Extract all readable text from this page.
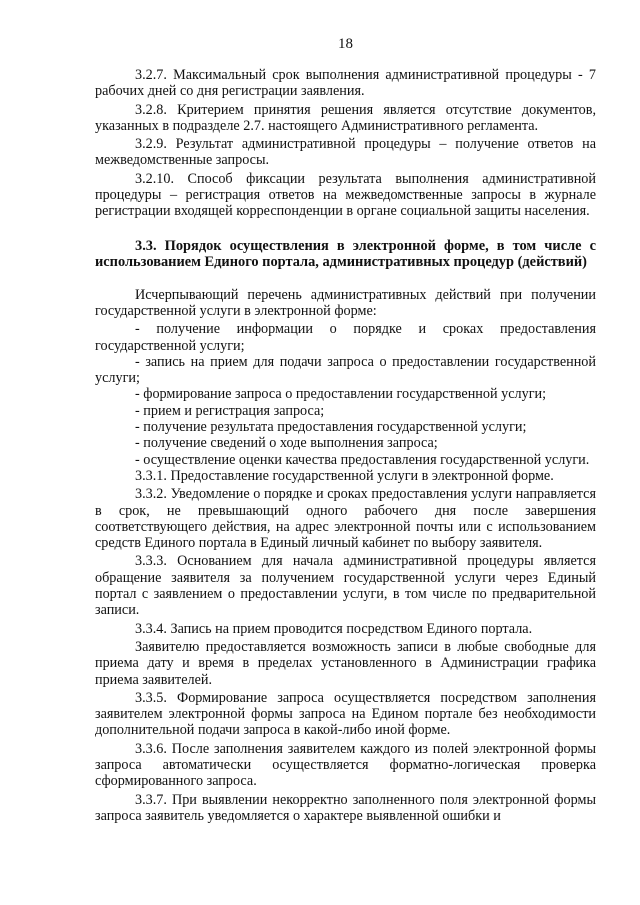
18

3.2.7. Максимальный срок выполнения административной процедуры - 7 рабочих дней со дня регистрации заявления.

3.2.8. Критерием принятия решения является отсутствие документов, указанных в подразделе 2.7. настоящего Административного регламента.

3.2.9. Результат административной процедуры – получение ответов на межведомственные запросы.

3.2.10. Способ фиксации результата выполнения административной процедуры – регистрация ответов на межведомственные запросы в журнале регистрации входящей корреспонденции в органе социальной защиты населения.

3.3. Порядок осуществления в электронной форме, в том числе с использованием Единого портала, административных процедур (действий)

Исчерпывающий перечень административных действий при получении государственной услуги в электронной форме:

- получение информации о порядке и сроках предоставления государственной услуги;

- запись на прием для подачи запроса о предоставлении государственной услуги;

- формирование запроса о предоставлении государственной услуги;

- прием и регистрация запроса;

- получение результата предоставления государственной услуги;

- получение сведений о ходе выполнения запроса;

- осуществление оценки качества предоставления государственной услуги.

3.3.1. Предоставление государственной услуги в электронной форме.

3.3.2. Уведомление о порядке и сроках предоставления услуги направляется в срок, не превышающий одного рабочего дня после завершения соответствующего действия, на адрес электронной почты или с использованием средств Единого портала в Единый личный кабинет по выбору заявителя.

3.3.3. Основанием для начала административной процедуры является обращение заявителя за получением государственной услуги через Единый портал с заявлением о предоставлении услуги, в том числе по предварительной записи.

3.3.4. Запись на прием проводится посредством Единого портала.

Заявителю предоставляется возможность записи в любые свободные для приема дату и время в пределах установленного в Администрации графика приема заявителей.

3.3.5. Формирование запроса осуществляется посредством заполнения заявителем электронной формы запроса на Едином портале без необходимости дополнительной подачи запроса в какой-либо иной форме.

3.3.6. После заполнения заявителем каждого из полей электронной формы запроса автоматически осуществляется форматно-логическая проверка сформированного запроса.

3.3.7. При выявлении некорректно заполненного поля электронной формы запроса заявитель уведомляется о характере выявленной ошибки и
